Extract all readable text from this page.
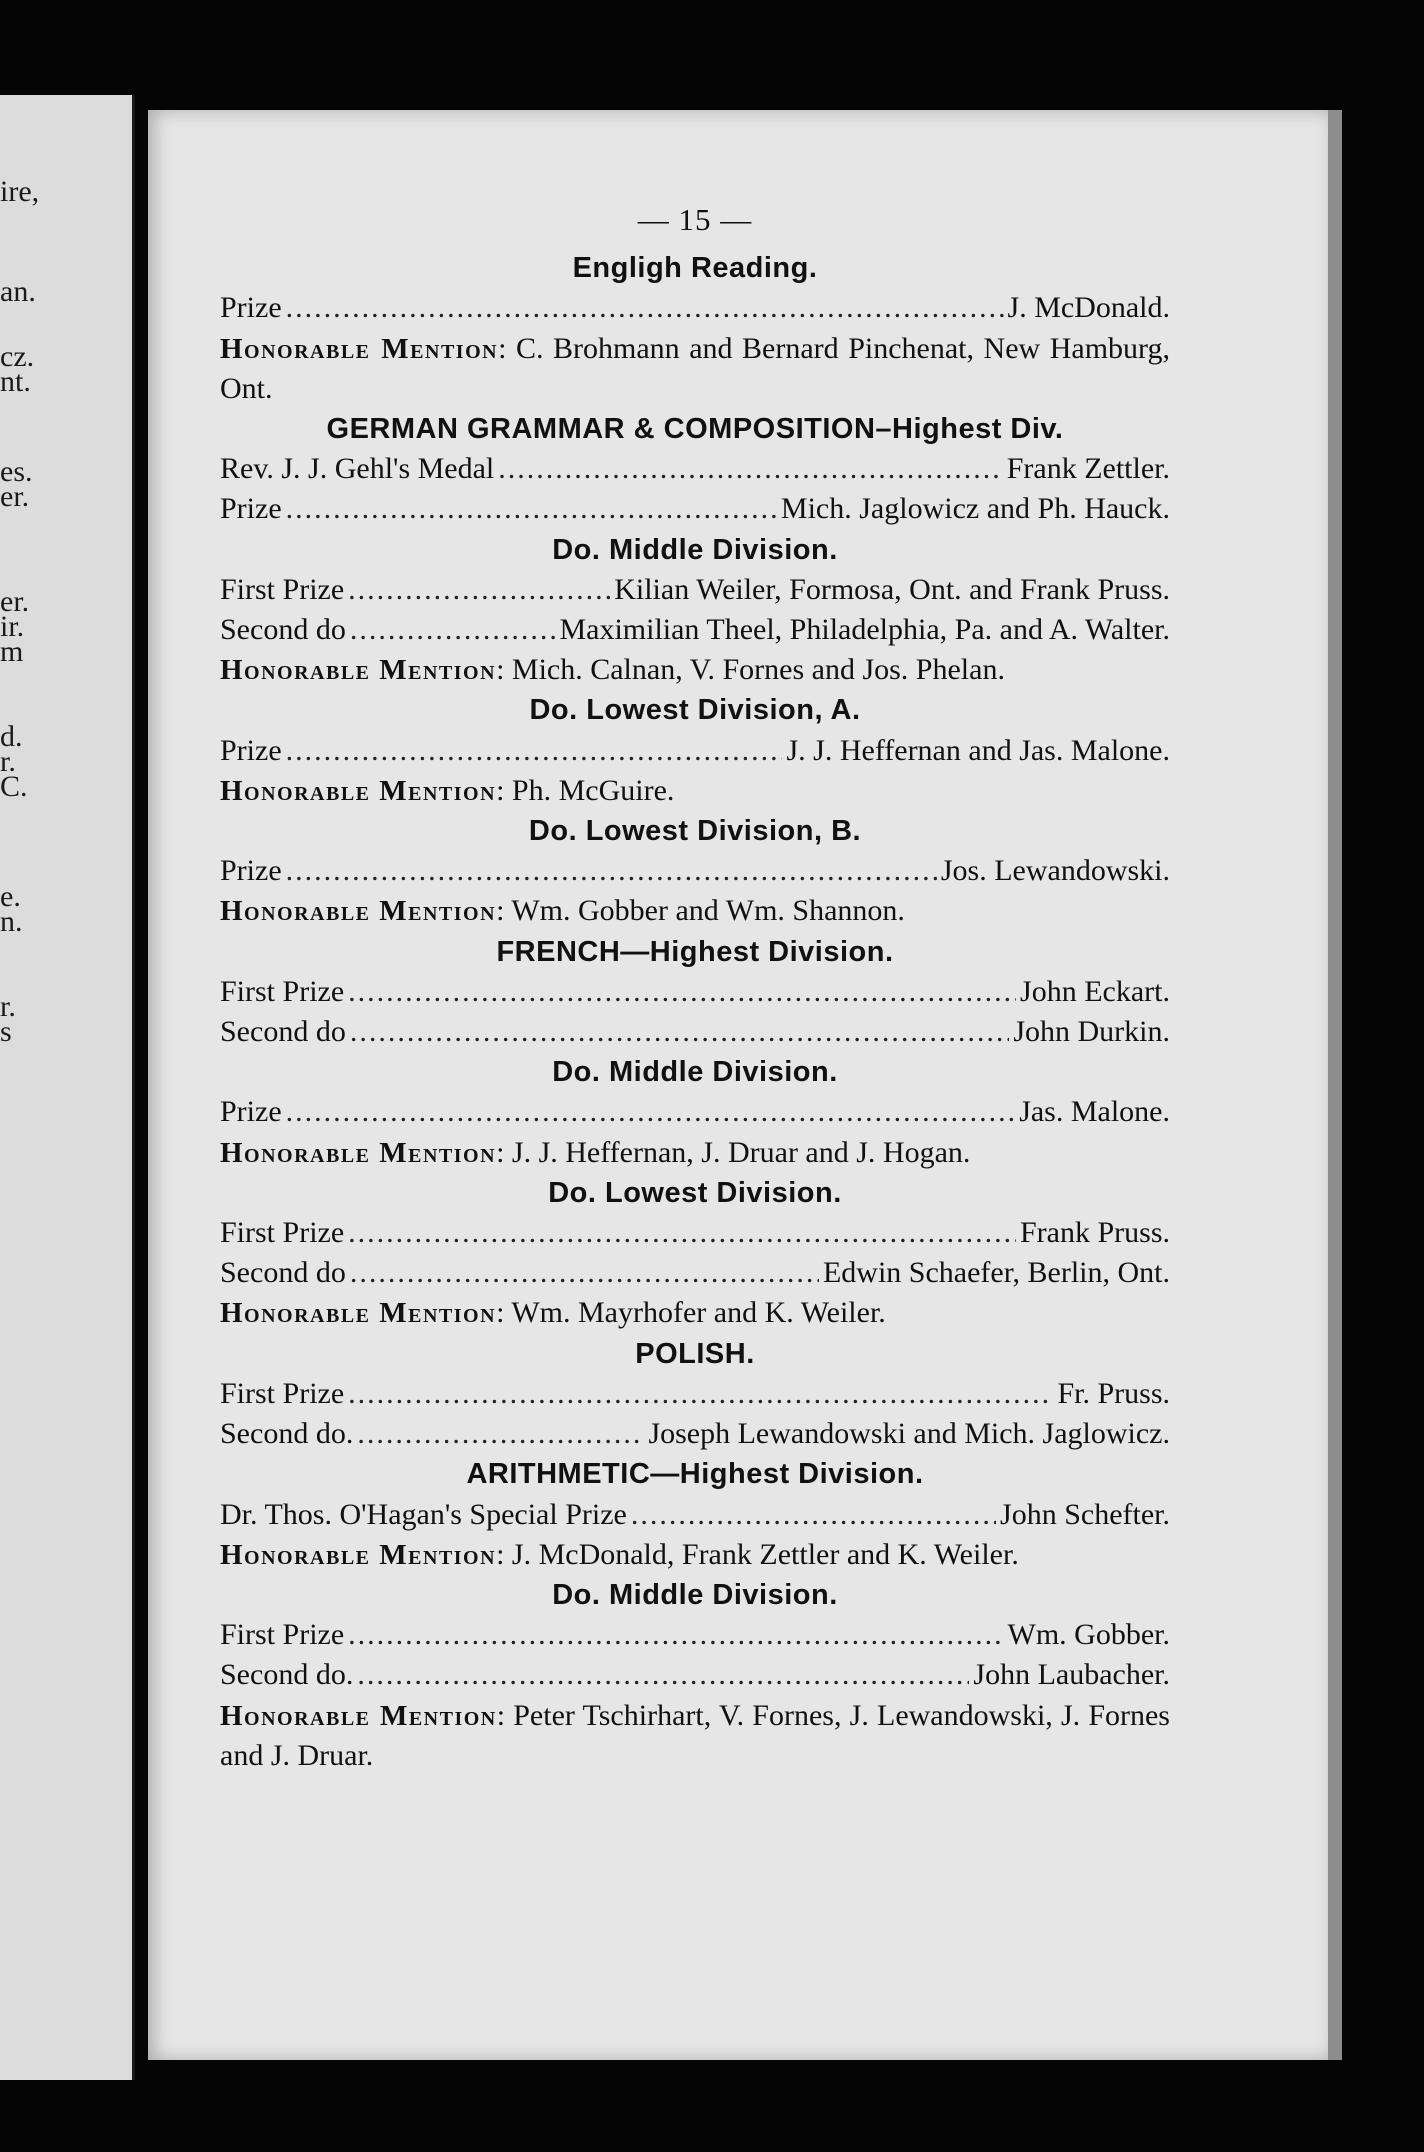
ire,
an.
cz.
nt.
es.
er.
er.
ir.
m
d.
r.
C.
e.
n.
r.
s
— 15 —
Engligh Reading.
Prize .....	J. McDonald.
Honorable Mention: C. Brohmann and Bernard Pinchenat, New Hamburg, Ont.
GERMAN GRAMMAR & COMPOSITION–Highest Div.
Rev. J. J. Gehl's Medal .....	Frank Zettler.
Prize .....	Mich. Jaglowicz and Ph. Hauck.
Do. Middle Division.
First Prize .....	Kilian Weiler, Formosa, Ont. and Frank Pruss.
Second do .....	Maximilian Theel, Philadelphia, Pa. and A. Walter.
Honorable Mention: Mich. Calnan, V. Fornes and Jos. Phelan.
Do. Lowest Division, A.
Prize .....	J. J. Heffernan and Jas. Malone.
Honorable Mention: Ph. McGuire.
Do. Lowest Division, B.
Prize .....	Jos. Lewandowski.
Honorable Mention: Wm. Gobber and Wm. Shannon.
FRENCH—Highest Division.
First Prize .....	John Eckart.
Second do .....	John Durkin.
Do. Middle Division.
Prize .....	Jas. Malone.
Honorable Mention: J. J. Heffernan, J. Druar and J. Hogan.
Do. Lowest Division.
First Prize .....	Frank Pruss.
Second do .....	Edwin Schaefer, Berlin, Ont.
Honorable Mention: Wm. Mayrhofer and K. Weiler.
POLISH.
First Prize .....	Fr. Pruss.
Second do. .....	Joseph Lewandowski and Mich. Jaglowicz.
ARITHMETIC—Highest Division.
Dr. Thos. O'Hagan's Special Prize .....	John Schefter.
Honorable Mention: J. McDonald, Frank Zettler and K. Weiler.
Do. Middle Division.
First Prize .....	Wm. Gobber.
Second do. .....	John Laubacher.
Honorable Mention: Peter Tschirhart, V. Fornes, J. Lewandowski, J. Fornes and J. Druar.
